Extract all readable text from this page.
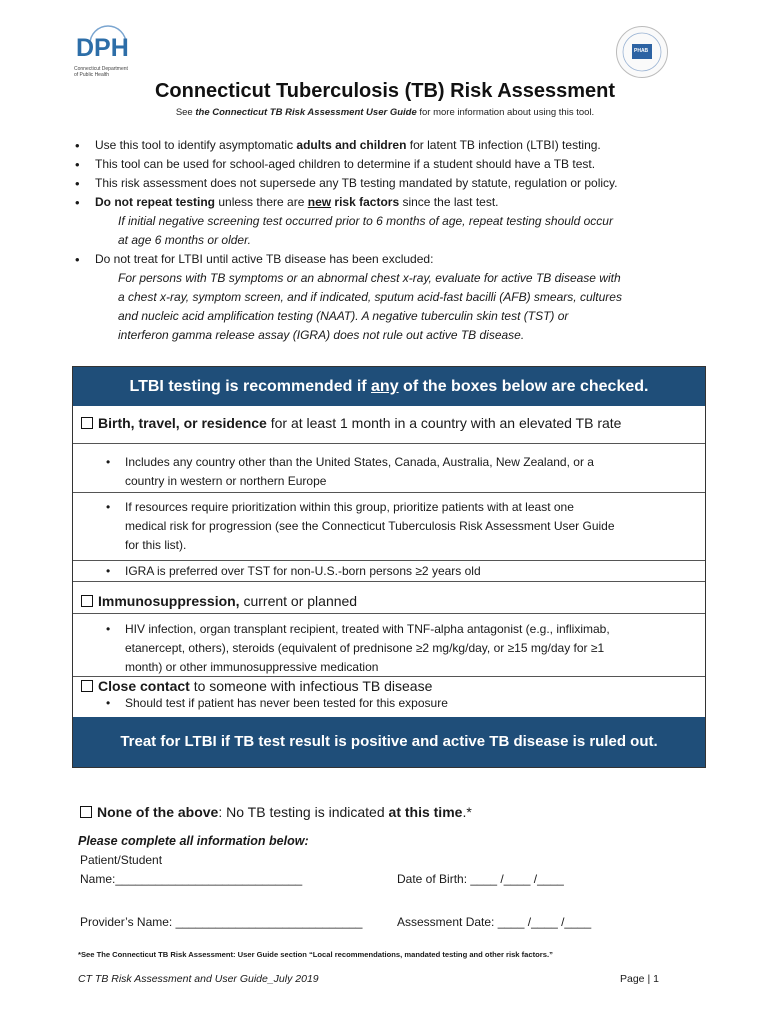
DPH
Connecticut Department
of Public Health
PHAB
Connecticut Tuberculosis (TB) Risk Assessment
See the Connecticut TB Risk Assessment User Guide for more information about using this tool.
• Use this tool to identify asymptomatic adults and children for latent TB infection (LTBI) testing.
• This tool can be used for school-aged children to determine if a student should have a TB test.
• This risk assessment does not supersede any TB testing mandated by statute, regulation or policy.
• Do not repeat testing unless there are new risk factors since the last test.
If initial negative screening test occurred prior to 6 months of age, repeat testing should occur
at age 6 months or older.
• Do not treat for LTBI until active TB disease has been excluded:
For persons with TB symptoms or an abnormal chest x-ray, evaluate for active TB disease with
a chest x-ray, symptom screen, and if indicated, sputum acid-fast bacilli (AFB) smears, cultures
and nucleic acid amplification testing (NAAT). A negative tuberculin skin test (TST) or
interferon gamma release assay (IGRA) does not rule out active TB disease.
LTBI testing is recommended if any of the boxes below are checked.
Birth, travel, or residence for at least 1 month in a country with an elevated TB rate
• Includes any country other than the United States, Canada, Australia, New Zealand, or a
country in western or northern Europe
• If resources require prioritization within this group, prioritize patients with at least one
medical risk for progression (see the Connecticut Tuberculosis Risk Assessment User Guide
for this list).
• IGRA is preferred over TST for non-U.S.-born persons ≥2 years old
Immunosuppression, current or planned
• HIV infection, organ transplant recipient, treated with TNF-alpha antagonist (e.g., infliximab,
etanercept, others), steroids (equivalent of prednisone ≥2 mg/kg/day, or ≥15 mg/day for ≥1
month) or other immunosuppressive medication
Close contact to someone with infectious TB disease
• Should test if patient has never been tested for this exposure
Treat for LTBI if TB test result is positive and active TB disease is ruled out.
None of the above: No TB testing is indicated at this time.*
Please complete all information below:
Patient/Student
Name:____________________________	Date of Birth: ____ /____ /____
Provider’s Name: ____________________________	Assessment Date: ____ /____ /____
*See The Connecticut TB Risk Assessment: User Guide section “Local recommendations, mandated testing and other risk factors.”
CT TB Risk Assessment and User Guide_July 2019	Page | 1
